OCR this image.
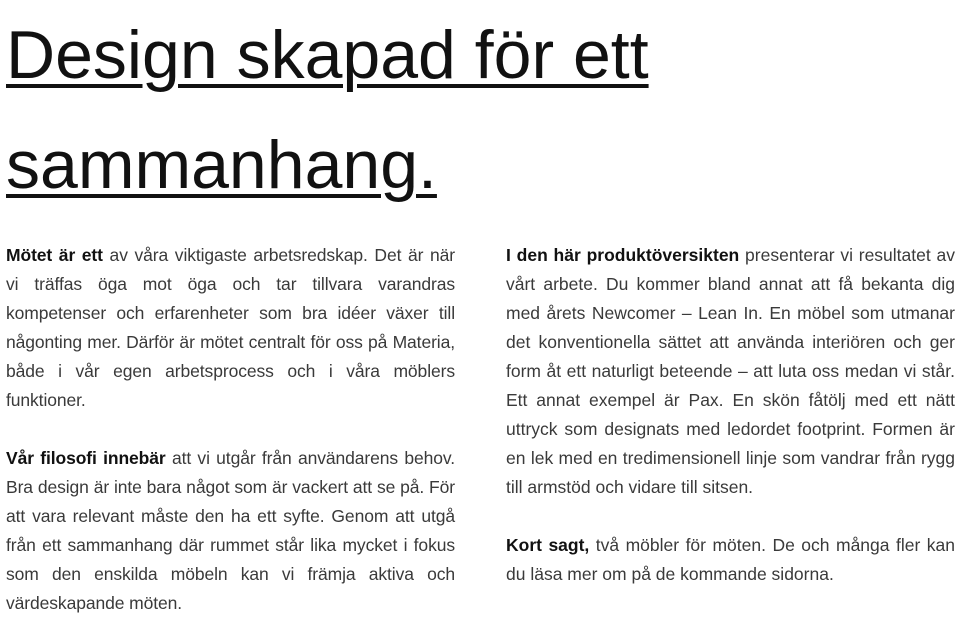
Design skapad för ett
sammanhang.

Mötet är ett av våra viktigaste arbetsredskap. Det är när vi träffas öga mot öga och tar tillvara varandras kompetenser och erfarenheter som bra idéer växer till någonting mer. Därför är mötet centralt för oss på Materia, både i vår egen arbetsprocess och i våra möblers funktioner.

Vår filosofi innebär att vi utgår från användarens behov. Bra design är inte bara något som är vackert att se på. För att vara relevant måste den ha ett syfte. Genom att utgå från ett sammanhang där rummet står lika mycket i fokus som den enskilda möbeln kan vi främja aktiva och värdeskapande möten.

I den här produktöversikten presenterar vi resultatet av vårt arbete. Du kommer bland annat att få bekanta dig med årets Newcomer – Lean In. En möbel som utmanar det konventionella sättet att använda interiören och ger form åt ett naturligt beteende – att luta oss medan vi står. Ett annat exempel är Pax. En skön fåtölj med ett nätt uttryck som designats med ledordet footprint. Formen är en lek med en tredimensionell linje som vandrar från rygg till armstöd och vidare till sitsen.

Kort sagt, två möbler för möten. De och många fler kan du läsa mer om på de kommande sidorna.
